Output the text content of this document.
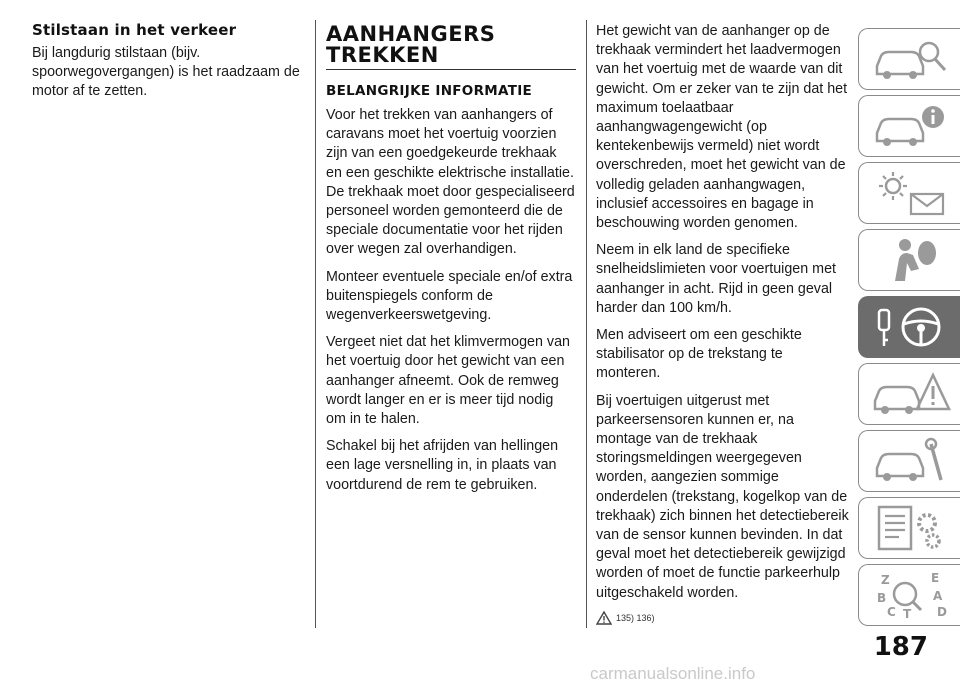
Stilstaan in het verkeer

Bij langdurig stilstaan (bijv. spoorwegovergangen) is het raadzaam de motor af te zetten.

AANHANGERS TREKKEN
BELANGRIJKE INFORMATIE

Voor het trekken van aanhangers of caravans moet het voertuig voorzien zijn van een goedgekeurde trekhaak en een geschikte elektrische installatie. De trekhaak moet door gespecialiseerd personeel worden gemonteerd die de speciale documentatie voor het rijden over wegen zal overhandigen.

Monteer eventuele speciale en/of extra buitenspiegels conform de wegenverkeerswetgeving.

Vergeet niet dat het klimvermogen van het voertuig door het gewicht van een aanhanger afneemt. Ook de remweg wordt langer en er is meer tijd nodig om in te halen.

Schakel bij het afrijden van hellingen een lage versnelling in, in plaats van voortdurend de rem te gebruiken.

Het gewicht van de aanhanger op de trekhaak vermindert het laadvermogen van het voertuig met de waarde van dit gewicht. Om er zeker van te zijn dat het maximum toelaatbaar aanhangwagengewicht (op kentekenbewijs vermeld) niet wordt overschreden, moet het gewicht van de volledig geladen aanhangwagen, inclusief accessoires en bagage in beschouwing worden genomen.

Neem in elk land de specifieke snelheidslimieten voor voertuigen met aanhanger in acht. Rijd in geen geval harder dan 100 km/h.

Men adviseert om een geschikte stabilisator op de trekstang te monteren.

Bij voertuigen uitgerust met parkeersensoren kunnen er, na montage van de trekhaak storingsmeldingen weergegeven worden, aangezien sommige onderdelen (trekstang, kogelkop van de trekhaak) zich binnen het detectiebereik van de sensor kunnen bevinden. In dat geval moet het detectiebereik gewijzigd worden of moet de functie parkeerhulp uitgeschakeld worden.

135) 136)
Z	E
B	A
C T D
187
carmanualsonline.info
